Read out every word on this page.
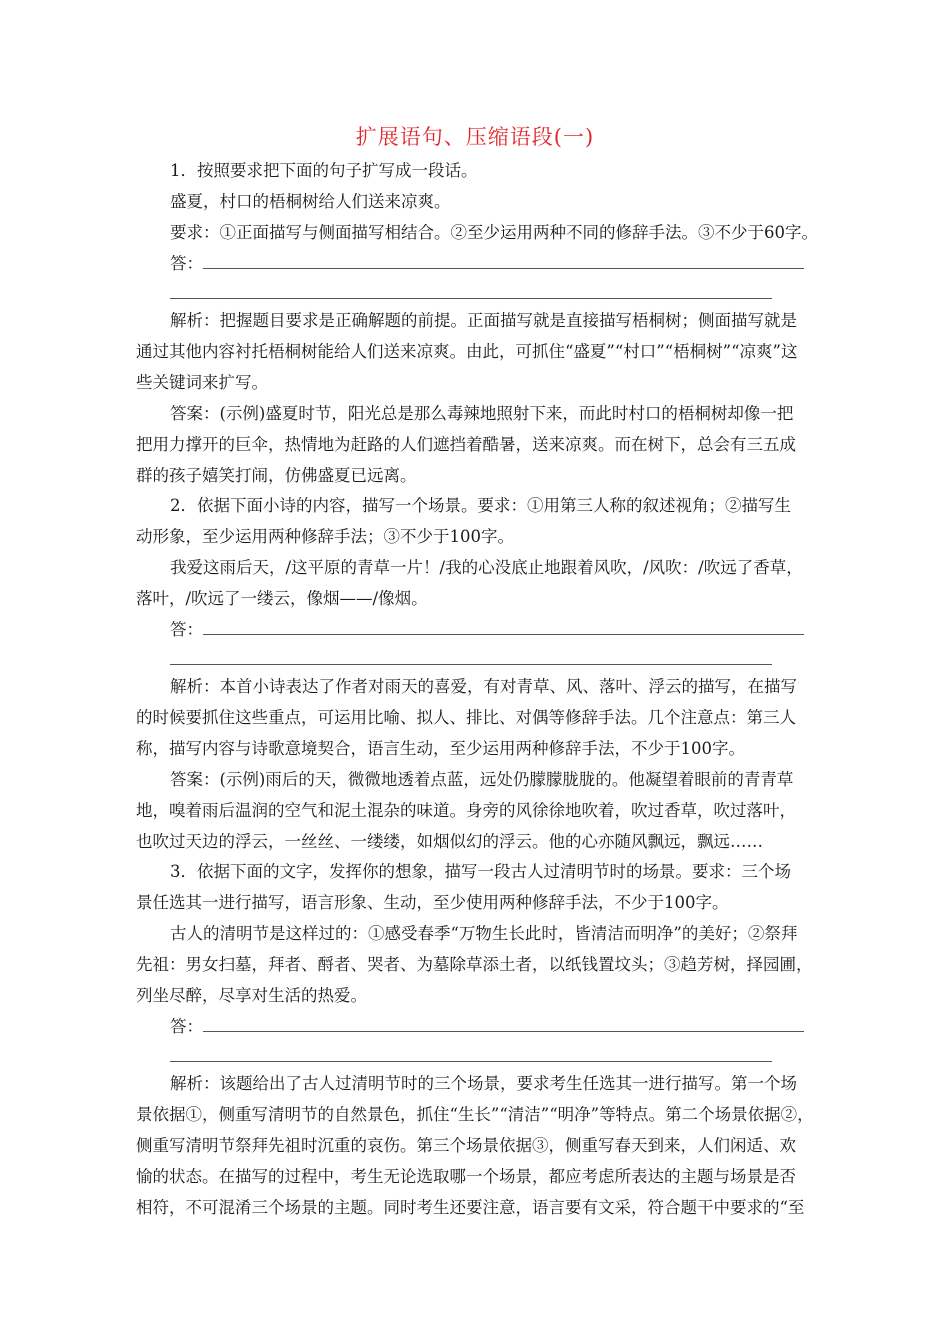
扩展语句、压缩语段(一)
1．按照要求把下面的句子扩写成一段话。
盛夏，村口的梧桐树给人们送来凉爽。
要求：①正面描写与侧面描写相结合。②至少运用两种不同的修辞手法。③不少于60字。
答：
解析：把握题目要求是正确解题的前提。正面描写就是直接描写梧桐树；侧面描写就是
通过其他内容衬托梧桐树能给人们送来凉爽。由此，可抓住“盛夏”“村口”“梧桐树”“凉爽”这
些关键词来扩写。
答案：(示例)盛夏时节，阳光总是那么毒辣地照射下来，而此时村口的梧桐树却像一把
把用力撑开的巨伞，热情地为赶路的人们遮挡着酷暑，送来凉爽。而在树下，总会有三五成
群的孩子嬉笑打闹，仿佛盛夏已远离。
2．依据下面小诗的内容，描写一个场景。要求：①用第三人称的叙述视角；②描写生
动形象，至少运用两种修辞手法；③不少于100字。
我爱这雨后天，/这平原的青草一片！/我的心没底止地跟着风吹，/风吹：/吹远了香草，
落叶，/吹远了一缕云，像烟——/像烟。
答：
解析：本首小诗表达了作者对雨天的喜爱，有对青草、风、落叶、浮云的描写，在描写
的时候要抓住这些重点，可运用比喻、拟人、排比、对偶等修辞手法。几个注意点：第三人
称，描写内容与诗歌意境契合，语言生动，至少运用两种修辞手法，不少于100字。
答案：(示例)雨后的天，微微地透着点蓝，远处仍朦朦胧胧的。他凝望着眼前的青青草
地，嗅着雨后温润的空气和泥土混杂的味道。身旁的风徐徐地吹着，吹过香草，吹过落叶，
也吹过天边的浮云，一丝丝、一缕缕，如烟似幻的浮云。他的心亦随风飘远，飘远……
3．依据下面的文字，发挥你的想象，描写一段古人过清明节时的场景。要求：三个场
景任选其一进行描写，语言形象、生动，至少使用两种修辞手法，不少于100字。
古人的清明节是这样过的：①感受春季“万物生长此时，皆清洁而明净”的美好；②祭拜
先祖：男女扫墓，拜者、酹者、哭者、为墓除草添土者，以纸钱置坟头；③趋芳树，择园圃，
列坐尽醉，尽享对生活的热爱。
答：
解析：该题给出了古人过清明节时的三个场景，要求考生任选其一进行描写。第一个场
景依据①，侧重写清明节的自然景色，抓住“生长”“清洁”“明净”等特点。第二个场景依据②，
侧重写清明节祭拜先祖时沉重的哀伤。第三个场景依据③，侧重写春天到来，人们闲适、欢
愉的状态。在描写的过程中，考生无论选取哪一个场景，都应考虑所表达的主题与场景是否
相符，不可混淆三个场景的主题。同时考生还要注意，语言要有文采，符合题干中要求的“至
